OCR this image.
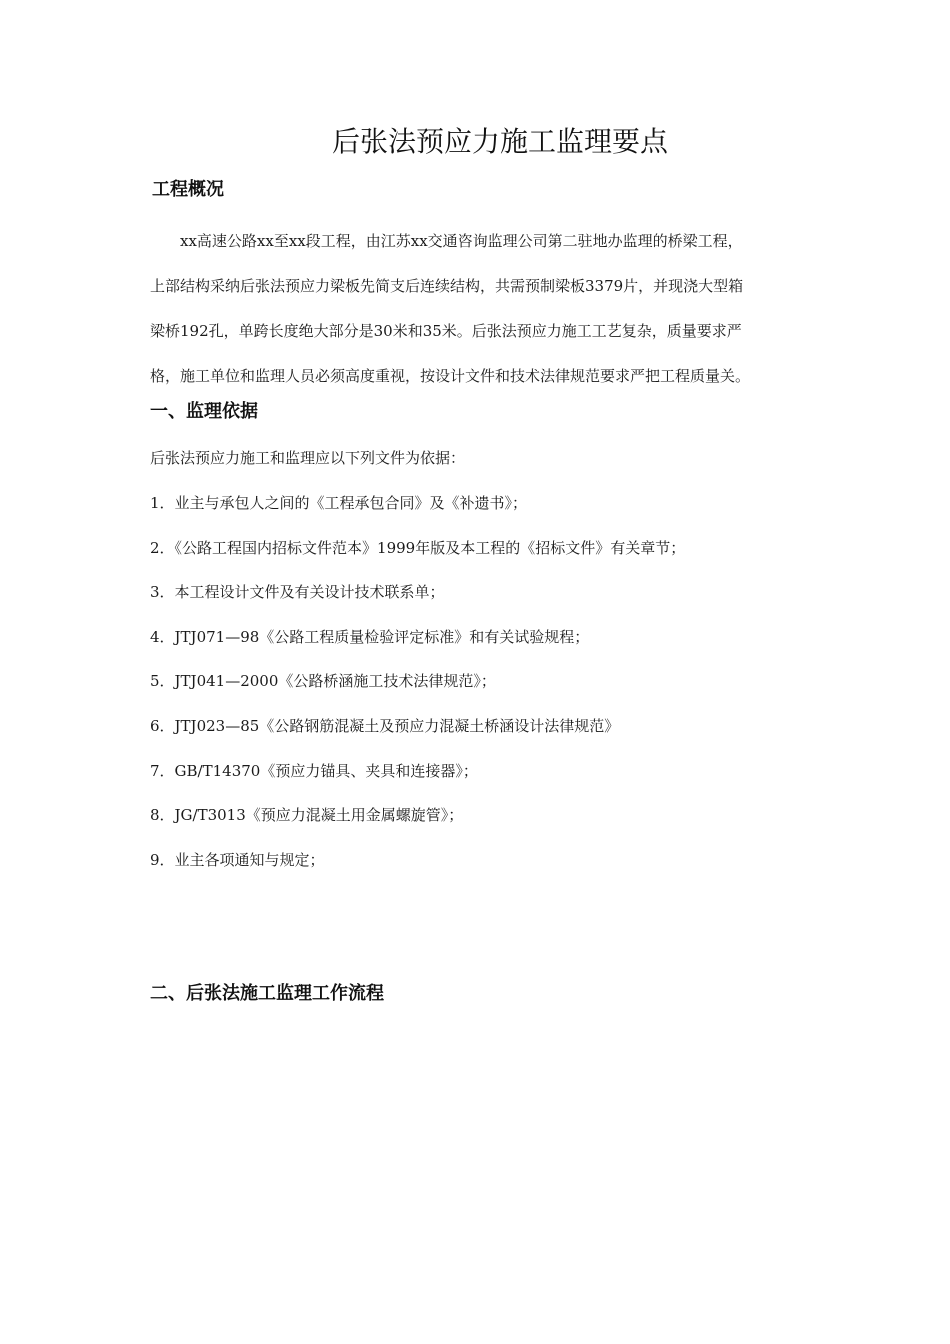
后张法预应力施工监理要点
工程概况

xx高速公路xx至xx段工程，由江苏xx交通咨询监理公司第二驻地办监理的桥梁工程，
上部结构采纳后张法预应力梁板先简支后连续结构，共需预制梁板3379片，并现浇大型箱
梁桥192孔，单跨长度绝大部分是30米和35米。后张法预应力施工工艺复杂，质量要求严
格，施工单位和监理人员必须高度重视，按设计文件和技术法律规范要求严把工程质量关。

一、监理依据

后张法预应力施工和监理应以下列文件为依据：

1．业主与承包人之间的《工程承包合同》及《补遗书》；
2．《公路工程国内招标文件范本》1999年版及本工程的《招标文件》有关章节；
3．本工程设计文件及有关设计技术联系单；
4．JTJ071—98《公路工程质量检验评定标准》和有关试验规程；
5．JTJ041—2000《公路桥涵施工技术法律规范》；
6．JTJ023—85《公路钢筋混凝土及预应力混凝土桥涵设计法律规范》
7．GB/T14370《预应力锚具、夹具和连接器》；
8．JG/T3013《预应力混凝土用金属螺旋管》；
9．业主各项通知与规定；
二、后张法施工监理工作流程
